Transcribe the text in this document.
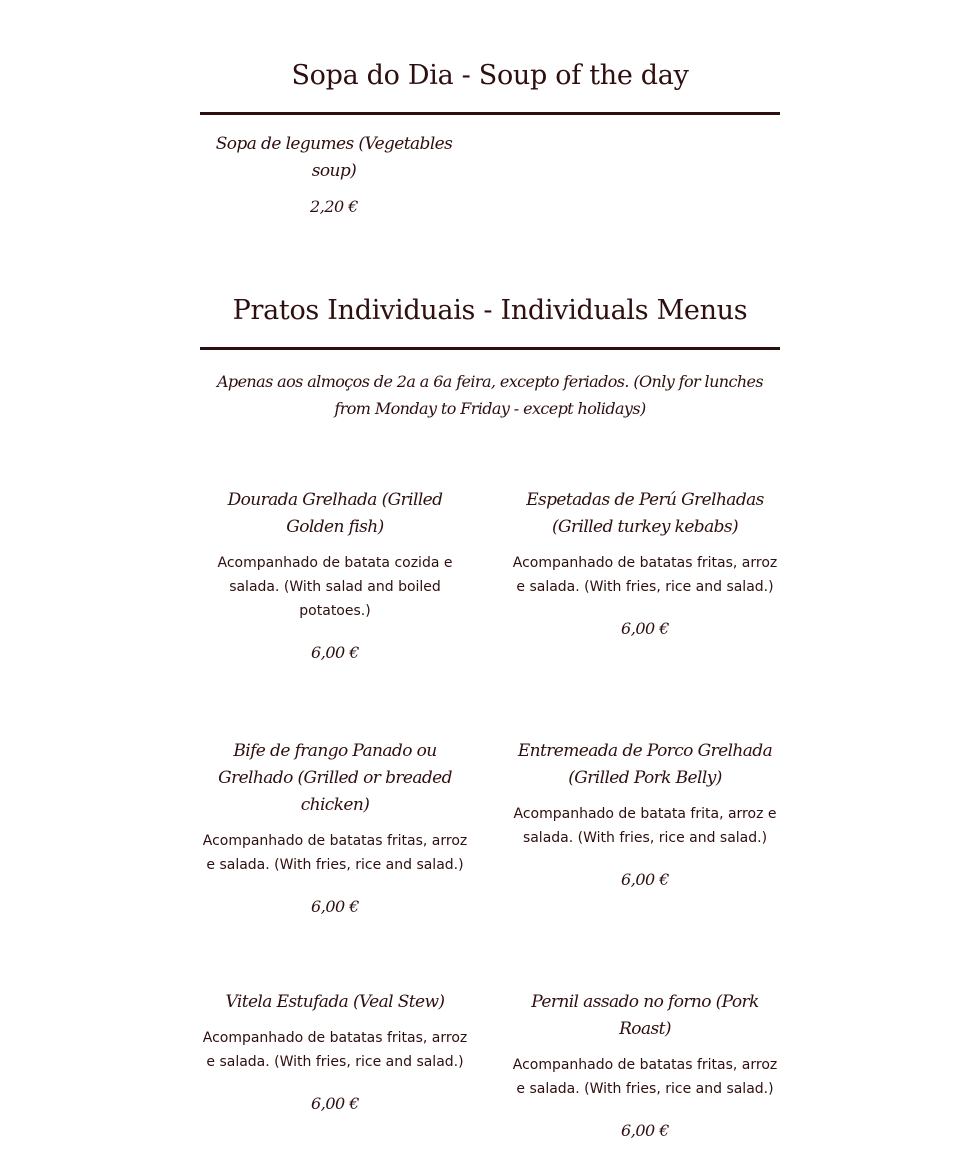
Sopa do Dia - Soup of the day

Sopa de legumes (Vegetables soup)

2,20 €

Pratos Individuais - Individuals Menus
Apenas aos almoços de 2a a 6a feira, excepto feriados. (Only for lunches from Monday to Friday - except holidays)

Dourada Grelhada (Grilled Golden fish)

Acompanhado de batata cozida e salada. (With salad and boiled potatoes.)

6,00 €

Espetadas de Perú Grelhadas (Grilled turkey kebabs)

Acompanhado de batatas fritas, arroz e salada. (With fries, rice and salad.)

6,00 €

Bife de frango Panado ou Grelhado (Grilled or breaded chicken)

Acompanhado de batatas fritas, arroz e salada. (With fries, rice and salad.)

6,00 €

Entremeada de Porco Grelhada (Grilled Pork Belly)

Acompanhado de batata frita, arroz e salada. (With fries, rice and salad.)

6,00 €

Vitela Estufada (Veal Stew)

Acompanhado de batatas fritas, arroz e salada. (With fries, rice and salad.)

6,00 €

Pernil assado no forno (Pork Roast)

Acompanhado de batatas fritas, arroz e salada. (With fries, rice and salad.)

6,00 €
